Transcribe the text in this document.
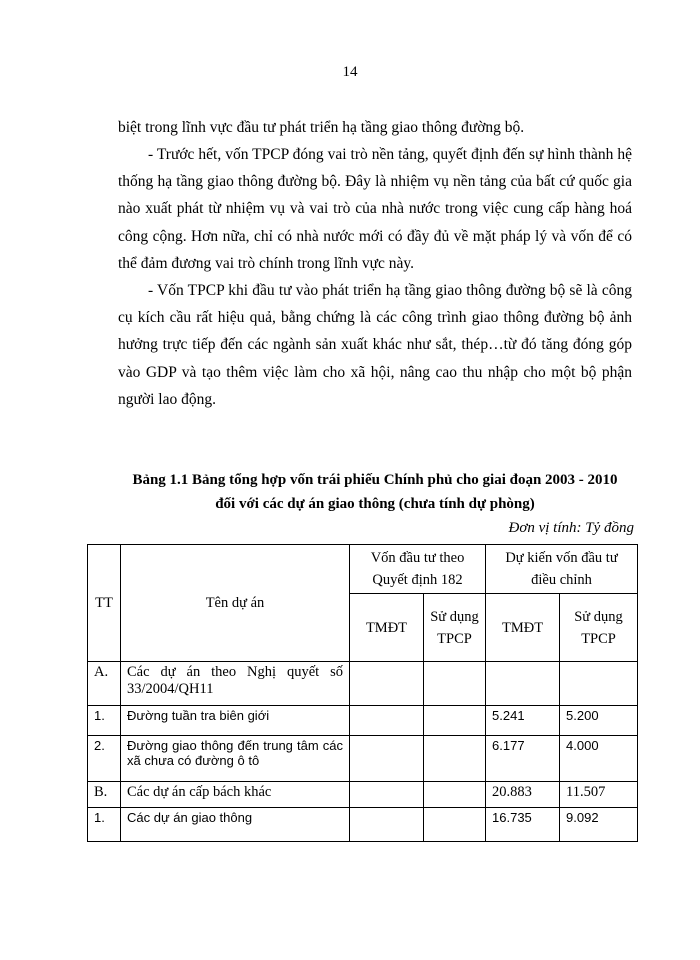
14

biệt trong lĩnh vực đầu tư phát triển hạ tầng giao thông đường bộ.

- Trước hết, vốn TPCP đóng vai trò nền tảng, quyết định đến sự hình thành hệ thống hạ tầng giao thông đường bộ. Đây là nhiệm vụ nền tảng của bất cứ quốc gia nào xuất phát từ nhiệm vụ và vai trò của nhà nước trong việc cung cấp hàng hoá công cộng. Hơn nữa, chỉ có nhà nước mới có đầy đủ về mặt pháp lý và vốn để có thể đảm đương vai trò chính trong lĩnh vực này.

- Vốn TPCP khi đầu tư vào phát triển hạ tầng giao thông đường bộ sẽ là công cụ kích cầu rất hiệu quả, bằng chứng là các công trình giao thông đường bộ ảnh hưởng trực tiếp đến các ngành sản xuất khác như sắt, thép…từ đó tăng đóng góp vào GDP và tạo thêm việc làm cho xã hội, nâng cao thu nhập cho một bộ phận người lao động.

Bảng 1.1 Bảng tổng hợp vốn trái phiếu Chính phủ cho giai đoạn 2003 - 2010
đối với các dự án giao thông (chưa tính dự phòng)
Đơn vị tính: Tỷ đồng
TT	Tên dự án	Vốn đầu tư theo Quyết định 182		Dự kiến vốn đầu tư điều chỉnh	
		TMĐT	Sử dụng TPCP	TMĐT	Sử dụng TPCP
A.	Các dự án theo Nghị quyết số 33/2004/QH11				
1.	Đường tuần tra biên giới			5.241	5.200
2.	Đường giao thông đến trung tâm các xã chưa có đường ô tô			6.177	4.000
B.	Các dự án cấp bách khác			20.883	11.507
1.	Các dự án giao thông			16.735	9.092
